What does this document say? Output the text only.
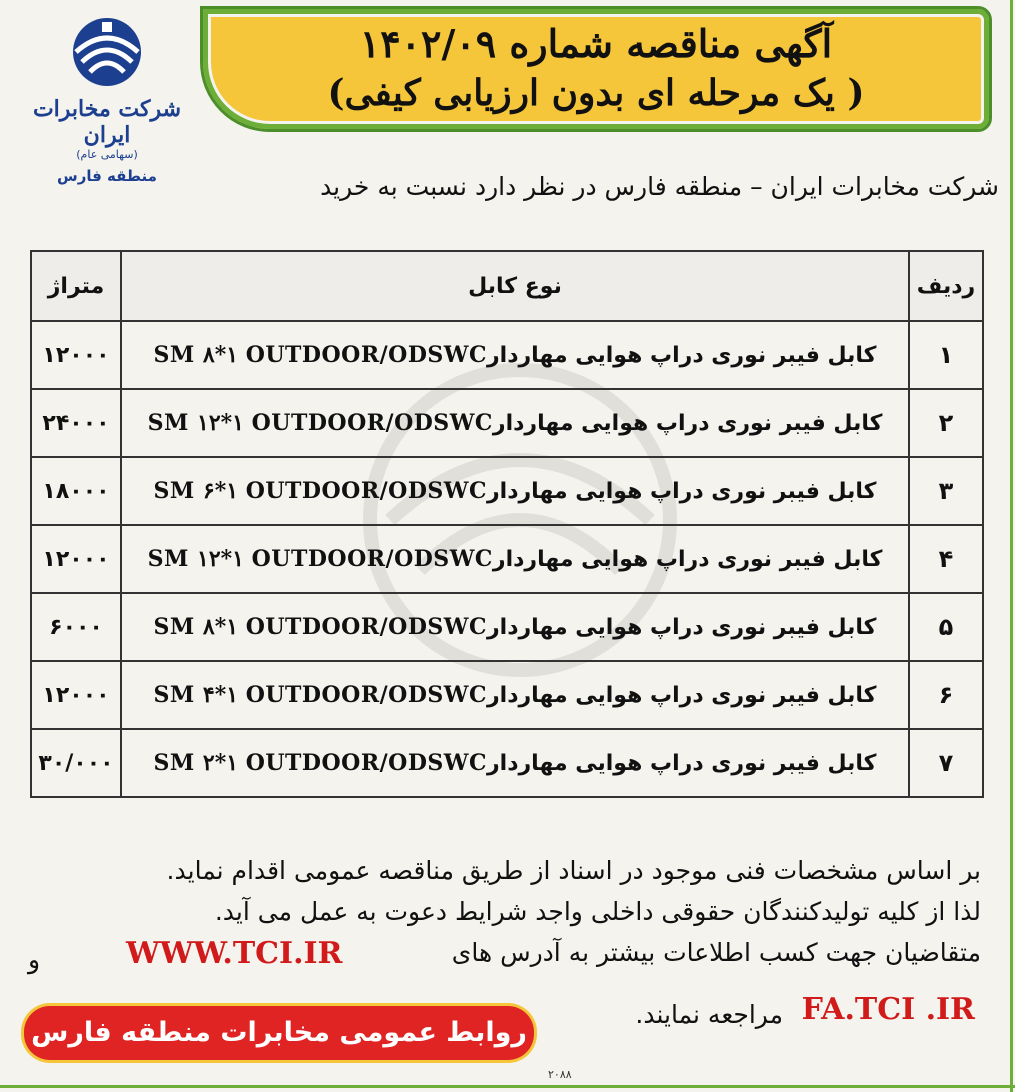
آگهی مناقصه شماره ۱۴۰۲/۰۹
( یک مرحله ای بدون ارزیابی کیفی)
شرکت مخابرات ایران
(سهامی عام)
منطقه فارس	شرکت مخابرات ایران – منطقه فارس در نظر دارد نسبت به خرید
ردیف	نوع کابل	متراژ
۱	کابل فیبر نوری دراپ هوایی مهاردارSM ۸*۱ OUTDOOR/ODSWC	۱۲۰۰۰
۲	کابل فیبر نوری دراپ هوایی مهاردارSM ۱۲*۱ OUTDOOR/ODSWC	۲۴۰۰۰
۳	کابل فیبر نوری دراپ هوایی مهاردارSM ۶*۱ OUTDOOR/ODSWC	۱۸۰۰۰
۴	کابل فیبر نوری دراپ هوایی مهاردارSM ۱۲*۱ OUTDOOR/ODSWC	۱۲۰۰۰
۵	کابل فیبر نوری دراپ هوایی مهاردارSM ۸*۱ OUTDOOR/ODSWC	۶۰۰۰
۶	کابل فیبر نوری دراپ هوایی مهاردارSM ۴*۱ OUTDOOR/ODSWC	۱۲۰۰۰
۷	کابل فیبر نوری دراپ هوایی مهاردارSM ۲*۱ OUTDOOR/ODSWC	۳۰/۰۰۰
بر اساس مشخصات فنی موجود در اسناد از طریق مناقصه عمومی اقدام نماید.
لذا از کلیه تولیدکنندگان حقوقی داخلی واجد شرایط دعوت به عمل می آید.
متقاضیان جهت کسب اطلاعات بیشتر به آدرس های
و	WWW.TCI.IR
FA.TCI .IR
مراجعه نمایند.
روابط عمومی مخابرات منطقه فارس
۲۰۸۸
